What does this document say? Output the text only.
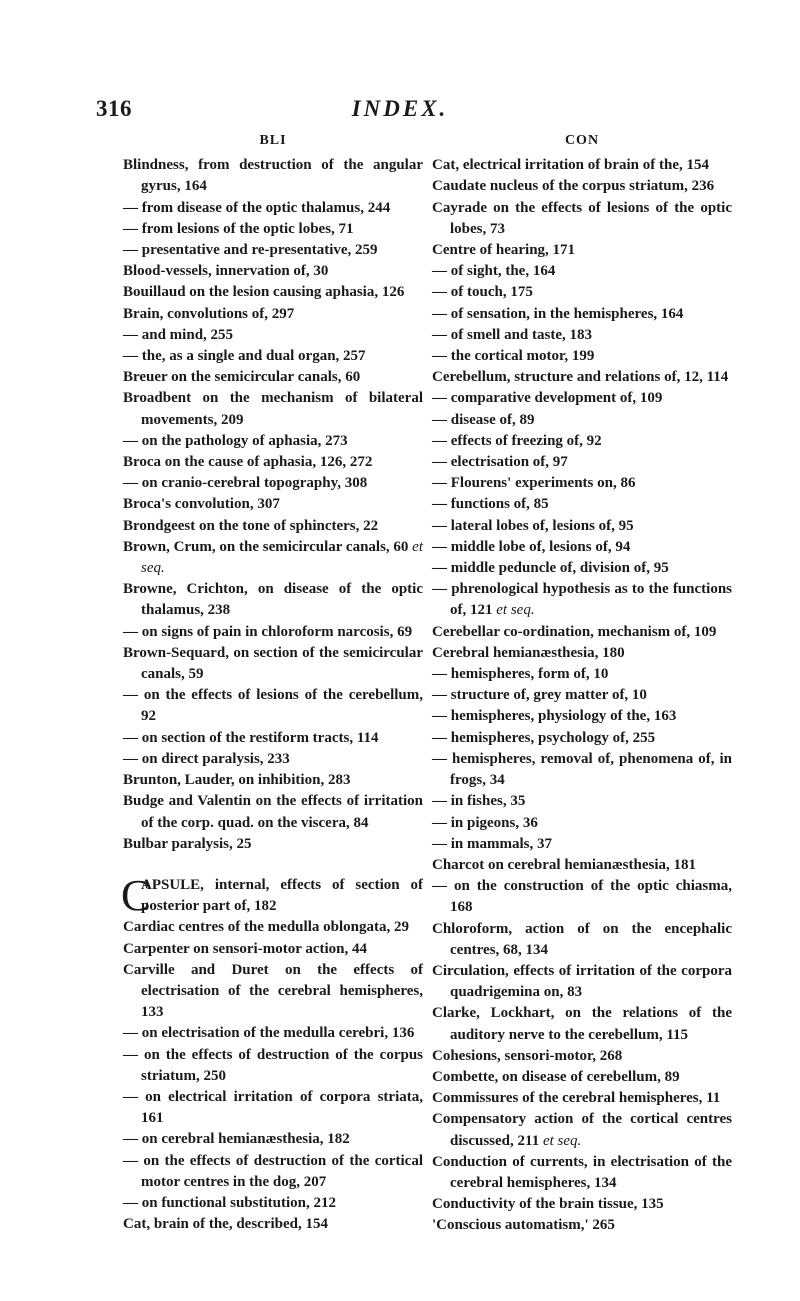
316	INDEX.
BLI

Blindness, from destruction of the angular gyrus, 164

— from disease of the optic thalamus, 244

— from lesions of the optic lobes, 71

— presentative and re-presentative, 259

Blood-vessels, innervation of, 30

Bouillaud on the lesion causing aphasia, 126

Brain, convolutions of, 297

— and mind, 255

— the, as a single and dual organ, 257

Breuer on the semicircular canals, 60

Broadbent on the mechanism of bilateral movements, 209

— on the pathology of aphasia, 273

Broca on the cause of aphasia, 126, 272

— on cranio-cerebral topography, 308

Broca's convolution, 307

Brondgeest on the tone of sphincters, 22

Brown, Crum, on the semicircular canals, 60 et seq.

Browne, Crichton, on disease of the optic thalamus, 238

— on signs of pain in chloroform narcosis, 69

Brown-Sequard, on section of the semicircular canals, 59

— on the effects of lesions of the cerebellum, 92

— on section of the restiform tracts, 114

— on direct paralysis, 233

Brunton, Lauder, on inhibition, 283

Budge and Valentin on the effects of irritation of the corp. quad. on the viscera, 84

Bulbar paralysis, 25

C
APSULE, internal, effects of section of posterior part of, 182

Cardiac centres of the medulla oblongata, 29

Carpenter on sensori-motor action, 44

Carville and Duret on the effects of electrisation of the cerebral hemispheres, 133

— on electrisation of the medulla cerebri, 136

— on the effects of destruction of the corpus striatum, 250

— on electrical irritation of corpora striata, 161

— on cerebral hemianæsthesia, 182

— on the effects of destruction of the cortical motor centres in the dog, 207

— on functional substitution, 212

Cat, brain of the, described, 154

CON

Cat, electrical irritation of brain of the, 154

Caudate nucleus of the corpus striatum, 236

Cayrade on the effects of lesions of the optic lobes, 73

Centre of hearing, 171

— of sight, the, 164

— of touch, 175

— of sensation, in the hemispheres, 164

— of smell and taste, 183

— the cortical motor, 199

Cerebellum, structure and relations of, 12, 114

— comparative development of, 109

— disease of, 89

— effects of freezing of, 92

— electrisation of, 97

— Flourens' experiments on, 86

— functions of, 85

— lateral lobes of, lesions of, 95

— middle lobe of, lesions of, 94

— middle peduncle of, division of, 95

— phrenological hypothesis as to the functions of, 121 et seq.

Cerebellar co-ordination, mechanism of, 109

Cerebral hemianæsthesia, 180

— hemispheres, form of, 10

— structure of, grey matter of, 10

— hemispheres, physiology of the, 163

— hemispheres, psychology of, 255

— hemispheres, removal of, phenomena of, in frogs, 34

— in fishes, 35

— in pigeons, 36

— in mammals, 37

Charcot on cerebral hemianæsthesia, 181

— on the construction of the optic chiasma, 168

Chloroform, action of on the encephalic centres, 68, 134

Circulation, effects of irritation of the corpora quadrigemina on, 83

Clarke, Lockhart, on the relations of the auditory nerve to the cerebellum, 115

Cohesions, sensori-motor, 268

Combette, on disease of cerebellum, 89

Commissures of the cerebral hemispheres, 11

Compensatory action of the cortical centres discussed, 211 et seq.

Conduction of currents, in electrisation of the cerebral hemispheres, 134

Conductivity of the brain tissue, 135

'Conscious automatism,' 265
